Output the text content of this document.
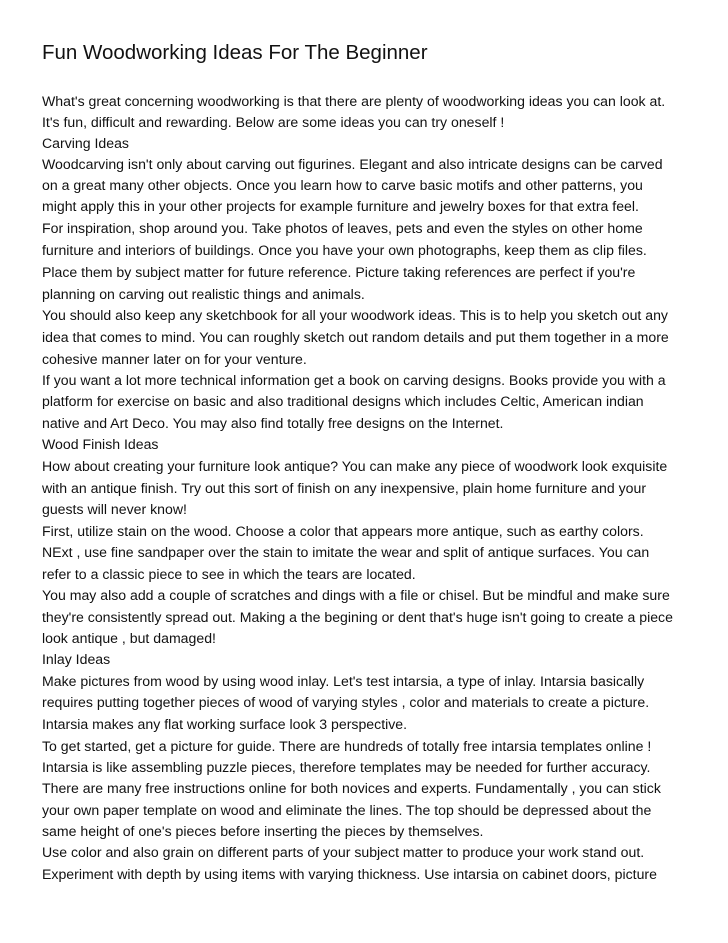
Fun Woodworking Ideas For The Beginner
What's great concerning woodworking is that there are plenty of woodworking ideas you can look at.
It's fun, difficult and rewarding. Below are some ideas you can try oneself !
Carving Ideas
Woodcarving isn't only about carving out figurines. Elegant and also intricate designs can be carved
on a great many other objects. Once you learn how to carve basic motifs and other patterns, you
might apply this in your other projects for example furniture and jewelry boxes for that extra feel.
For inspiration, shop around you. Take photos of leaves, pets and even the styles on other home
furniture and interiors of buildings. Once you have your own photographs, keep them as clip files.
Place them by subject matter for future reference. Picture taking references are perfect if you're
planning on carving out realistic things and animals.
You should also keep any sketchbook for all your woodwork ideas. This is to help you sketch out any
idea that comes to mind. You can roughly sketch out random details and put them together in a more
cohesive manner later on for your venture.
If you want a lot more technical information get a book on carving designs. Books provide you with a
platform for exercise on basic and also traditional designs which includes Celtic, American indian
native and Art Deco. You may also find totally free designs on the Internet.
Wood Finish Ideas
How about creating your furniture look antique? You can make any piece of woodwork look exquisite
with an antique finish. Try out this sort of finish on any inexpensive, plain home furniture and your
guests will never know!
First, utilize stain on the wood. Choose a color that appears more antique, such as earthy colors.
NExt , use fine sandpaper over the stain to imitate the wear and split of antique surfaces. You can
refer to a classic piece to see in which the tears are located.
You may also add a couple of scratches and dings with a file or chisel. But be mindful and make sure
they're consistently spread out. Making a the begining or dent that's huge isn't going to create a piece
look antique , but damaged!
Inlay Ideas
Make pictures from wood by using wood inlay. Let's test intarsia, a type of inlay. Intarsia basically
requires putting together pieces of wood of varying styles , color and materials to create a picture.
Intarsia makes any flat working surface look 3 perspective.
To get started, get a picture for guide. There are hundreds of totally free intarsia templates online !
Intarsia is like assembling puzzle pieces, therefore templates may be needed for further accuracy.
There are many free instructions online for both novices and experts. Fundamentally , you can stick
your own paper template on wood and eliminate the lines. The top should be depressed about the
same height of one's pieces before inserting the pieces by themselves.
Use color and also grain on different parts of your subject matter to produce your work stand out.
Experiment with depth by using items with varying thickness. Use intarsia on cabinet doors, picture
